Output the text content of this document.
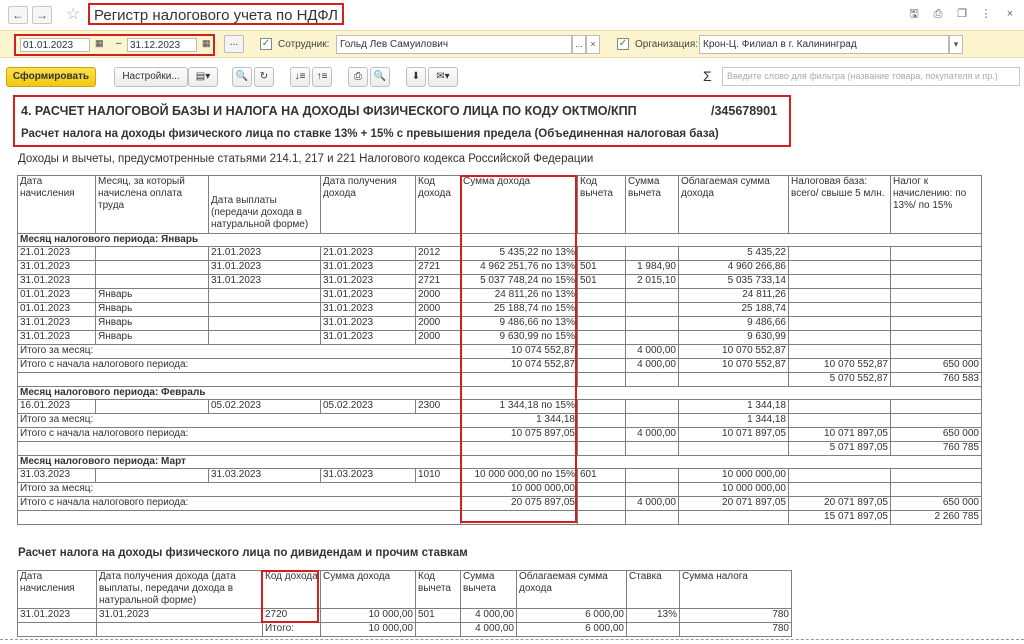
←	→ ☆ Регистр налогового учета по НДФЛ	🖫	⎙	❐ ⋮	×
01.01.2023	▦ – 31.12.2023	▦	...	✓ Сотрудник:	Гольд Лев Самуилович	... ×	✓ Организация: Крон-Ц. Филиал в г. Калининград	▾
Сформировать	Настройки...	▤▾	🔍	↻	↓≡	↑≡	⎙	🔍	⬇	✉▾	Σ	Введите слово для фильтра (название товара, покупателя и пр.)
4. РАСЧЕТ НАЛОГОВОЙ БАЗЫ И НАЛОГА НА ДОХОДЫ ФИЗИЧЕСКОГО ЛИЦА ПО КОДУ ОКТМО/КПП	/345678901
Расчет налога на доходы физического лица по ставке 13% + 15% с превышения предела (Объединенная налоговая база)
Доходы и вычеты, предусмотренные статьями 214.1, 217 и 221 Налогового кодекса Российской Федерации
Дата начисления	Месяц, за который начислена оплата труда	Дата выплаты (передачи дохода в натуральной форме)	Дата получения дохода	Код дохода	Сумма дохода	Код вычета	Сумма вычета	Облагаемая сумма дохода	Налоговая база: всего/ свыше 5 млн.	Налог к начислению: по 13%/ по 15%
Месяц налогового периода: Январь										
21.01.2023		21.01.2023	21.01.2023	2012	5 435,22 по 13%			5 435,22		
31.01.2023		31.01.2023	31.01.2023	2721	4 962 251,76 по 13%	501	1 984,90	4 960 266,86		
31.01.2023		31.01.2023	31.01.2023	2721	5 037 748,24 по 15%	501	2 015,10	5 035 733,14		
01.01.2023	Январь		31.01.2023	2000	24 811,26 по 13%			24 811,26		
01.01.2023	Январь		31.01.2023	2000	25 188,74 по 15%			25 188,74		
31.01.2023	Январь		31.01.2023	2000	9 486,66 по 13%			9 486,66		
31.01.2023	Январь		31.01.2023	2000	9 630,99 по 15%			9 630,99		
Итого за месяц:					10 074 552,87		4 000,00	10 070 552,87		
Итого с начала налогового периода:					10 074 552,87		4 000,00	10 070 552,87	10 070 552,87	650 000
									5 070 552,87	760 583
Месяц налогового периода: Февраль										
16.01.2023		05.02.2023	05.02.2023	2300	1 344,18 по 15%			1 344,18		
Итого за месяц:					1 344,18			1 344,18		
Итого с начала налогового периода:					10 075 897,05		4 000,00	10 071 897,05	10 071 897,05	650 000
									5 071 897,05	760 785
Месяц налогового периода: Март										
31.03.2023		31.03.2023	31.03.2023	1010	10 000 000,00 по 15%	601		10 000 000,00		
Итого за месяц:					10 000 000,00			10 000 000,00		
Итого с начала налогового периода:					20 075 897,05		4 000,00	20 071 897,05	20 071 897,05	650 000
									15 071 897,05	2 260 785
Расчет налога на доходы физического лица по дивидендам и прочим ставкам
Дата начисления	Дата получения дохода (дата выплаты, передачи дохода в натуральной форме)	Код дохода	Сумма дохода	Код вычета	Сумма вычета	Облагаемая сумма дохода	Ставка	Сумма налога
31.01.2023	31.01.2023	2720	10 000,00	501	4 000,00	6 000,00	13%	780
		Итого:	10 000,00		4 000,00	6 000,00		780
